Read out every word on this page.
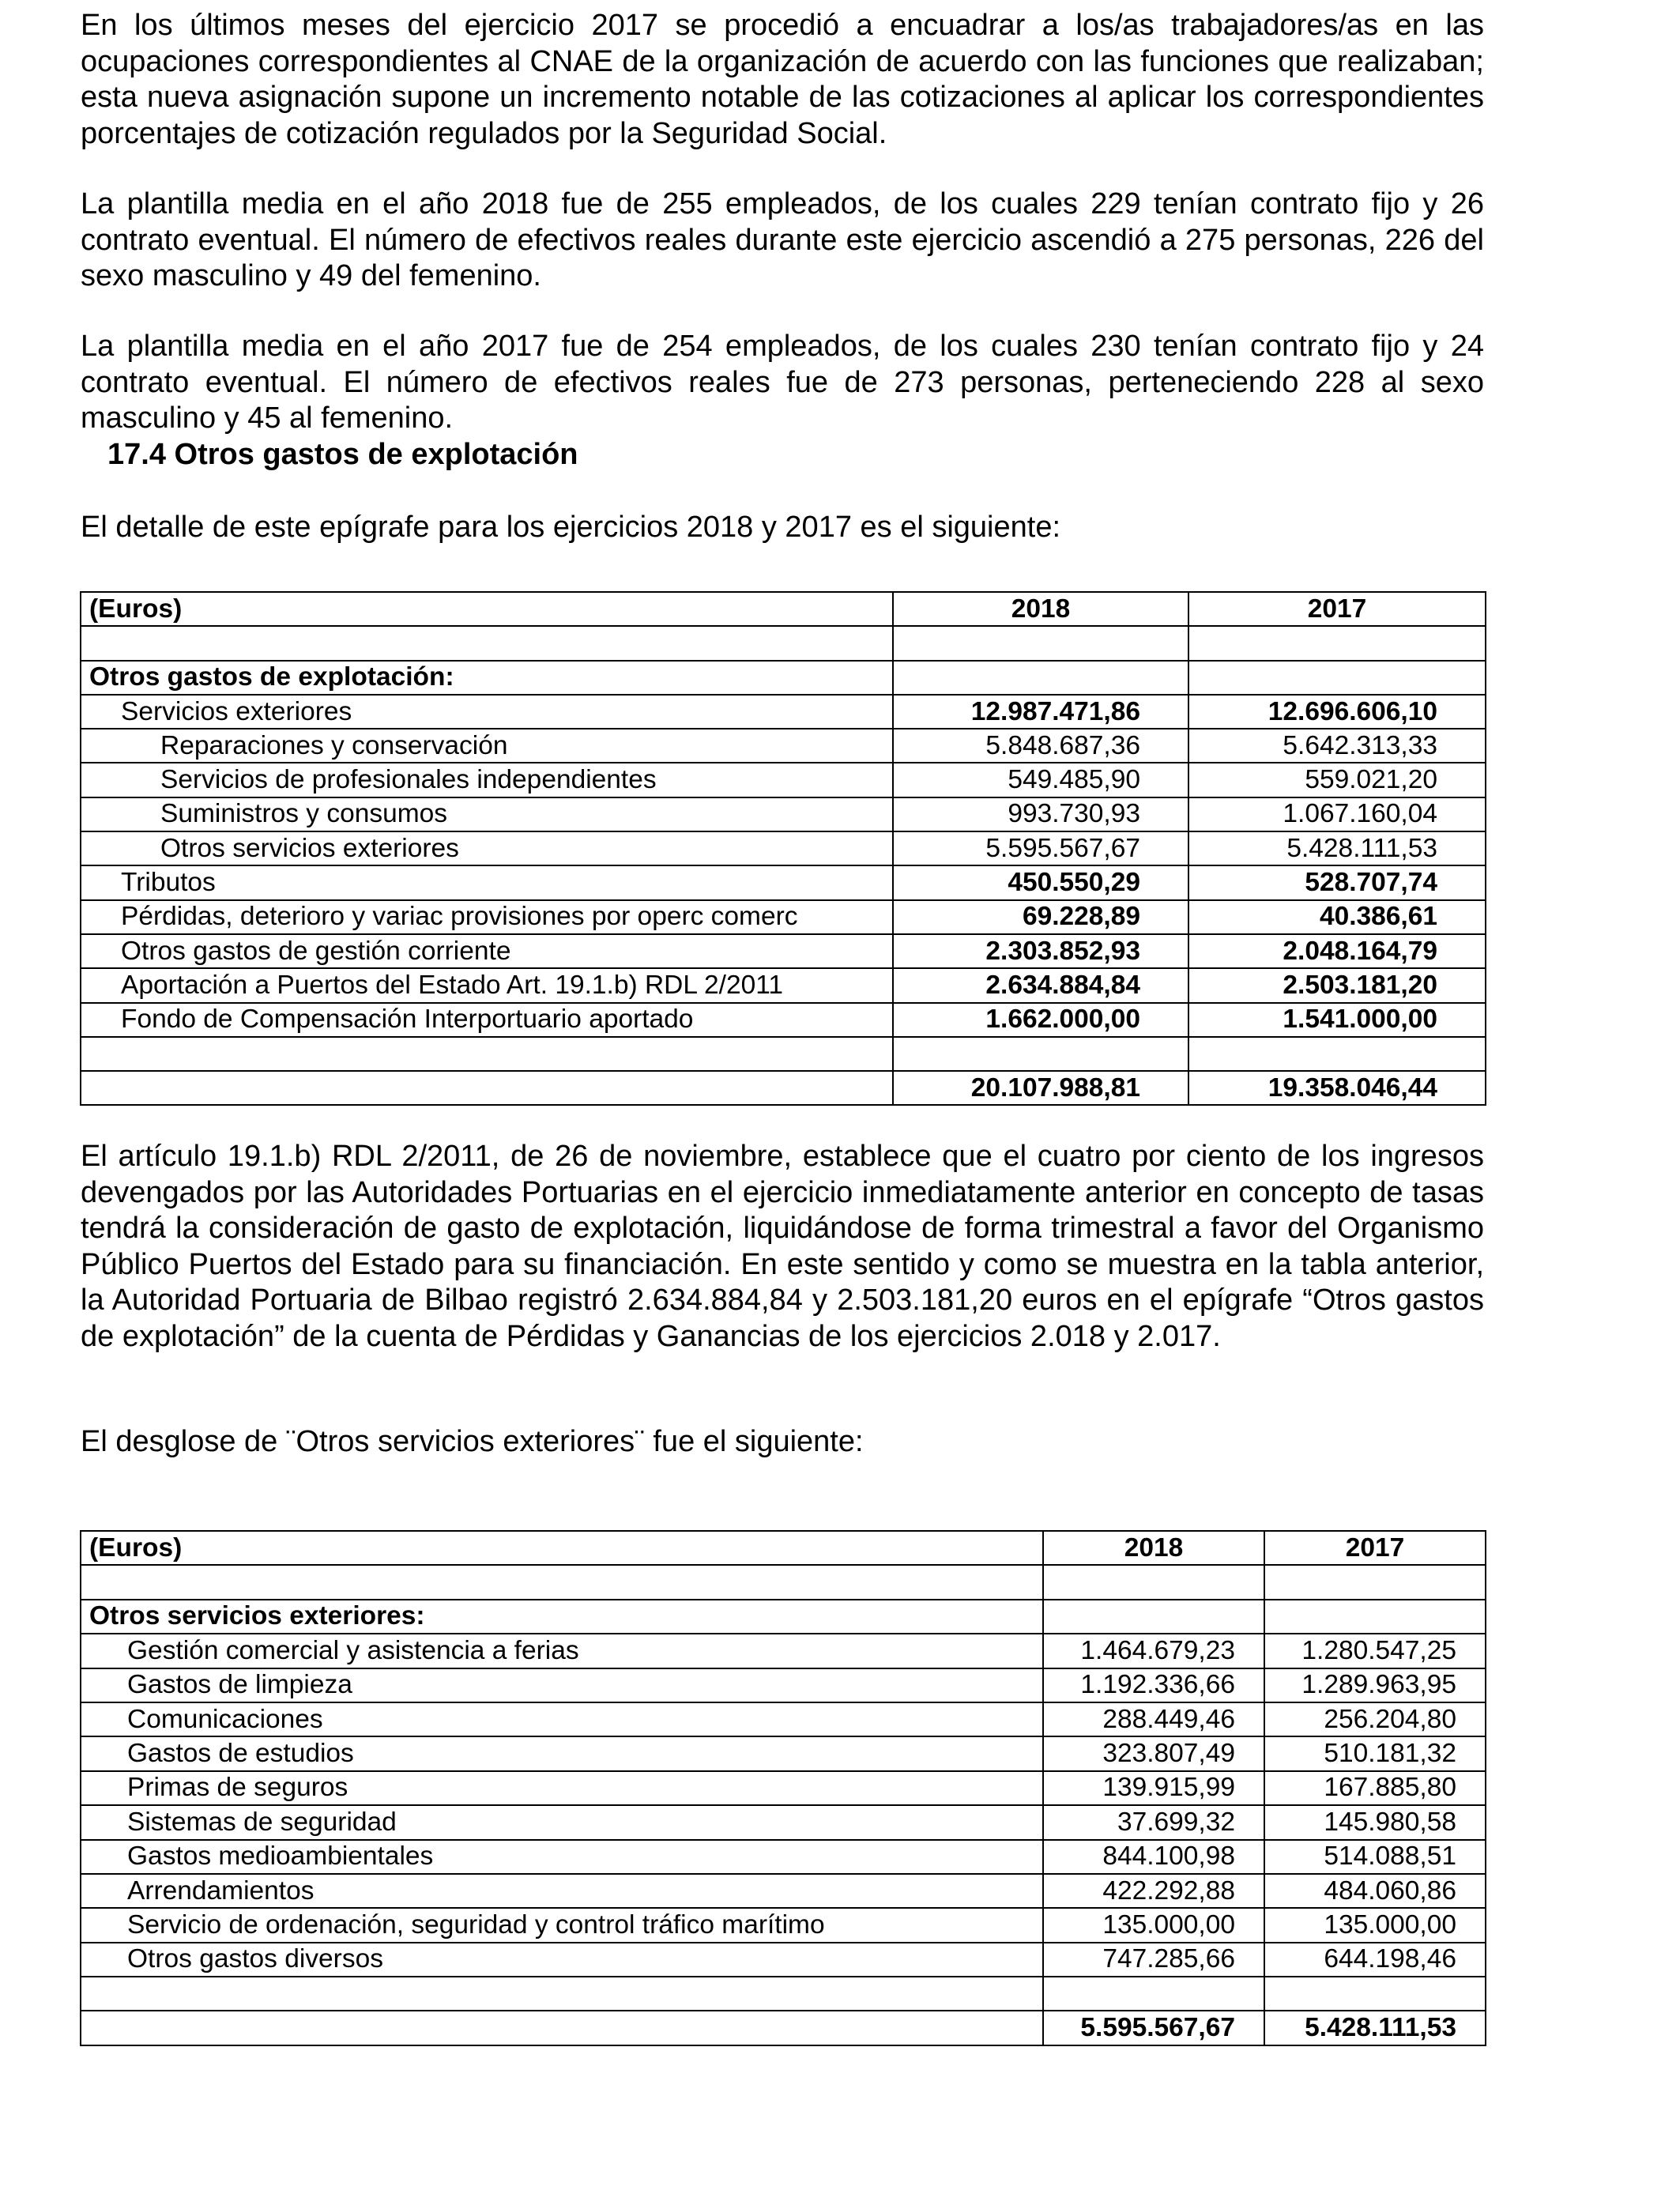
En los últimos meses del ejercicio 2017 se procedió a encuadrar a los/as trabajadores/as en las ocupaciones correspondientes al CNAE de la organización de acuerdo con las funciones que realizaban; esta nueva asignación supone un incremento notable de las cotizaciones al aplicar los correspondientes porcentajes de cotización regulados por la Seguridad Social.

La plantilla media en el año 2018 fue de 255 empleados, de los cuales 229 tenían contrato fijo y 26 contrato eventual. El número de efectivos reales durante este ejercicio ascendió a 275 personas, 226 del sexo masculino y 49 del femenino.

La plantilla media en el año 2017 fue de 254 empleados, de los cuales 230 tenían contrato fijo y 24 contrato eventual. El número de efectivos reales fue de 273 personas, perteneciendo 228 al sexo masculino y 45 al femenino.

17.4 Otros gastos de explotación

El detalle de este epígrafe para los ejercicios 2018 y 2017 es el siguiente:

(Euros)	2018	2017

Otros gastos de explotación:		
Servicios exteriores	12.987.471,86	12.696.606,10
Reparaciones y conservación	5.848.687,36	5.642.313,33
Servicios de profesionales independientes	549.485,90	559.021,20
Suministros y consumos	993.730,93	1.067.160,04
Otros servicios exteriores	5.595.567,67	5.428.111,53
Tributos	450.550,29	528.707,74
Pérdidas, deterioro y variac provisiones por operc comerc	69.228,89	40.386,61
Otros gastos de gestión corriente	2.303.852,93	2.048.164,79
Aportación a Puertos del Estado Art. 19.1.b) RDL 2/2011	2.634.884,84	2.503.181,20
Fondo de Compensación Interportuario aportado	1.662.000,00	1.541.000,00

	20.107.988,81	19.358.046,44

El artículo 19.1.b) RDL 2/2011, de 26 de noviembre, establece que el cuatro por ciento de los ingresos devengados por las Autoridades Portuarias en el ejercicio inmediatamente anterior en concepto de tasas tendrá la consideración de gasto de explotación, liquidándose de forma trimestral a favor del Organismo Público Puertos del Estado para su financiación. En este sentido y como se muestra en la tabla anterior, la Autoridad Portuaria de Bilbao registró 2.634.884,84 y 2.503.181,20 euros en el epígrafe “Otros gastos de explotación” de la cuenta de Pérdidas y Ganancias de los ejercicios 2.018 y 2.017.

El desglose de ¨Otros servicios exteriores¨ fue el siguiente:

(Euros)	2018	2017

Otros servicios exteriores:		
Gestión comercial y asistencia a ferias	1.464.679,23	1.280.547,25
Gastos de limpieza	1.192.336,66	1.289.963,95
Comunicaciones	288.449,46	256.204,80
Gastos de estudios	323.807,49	510.181,32
Primas de seguros	139.915,99	167.885,80
Sistemas de seguridad	37.699,32	145.980,58
Gastos medioambientales	844.100,98	514.088,51
Arrendamientos	422.292,88	484.060,86
Servicio de ordenación, seguridad y control tráfico marítimo	135.000,00	135.000,00
Otros gastos diversos	747.285,66	644.198,46

	5.595.567,67	5.428.111,53
